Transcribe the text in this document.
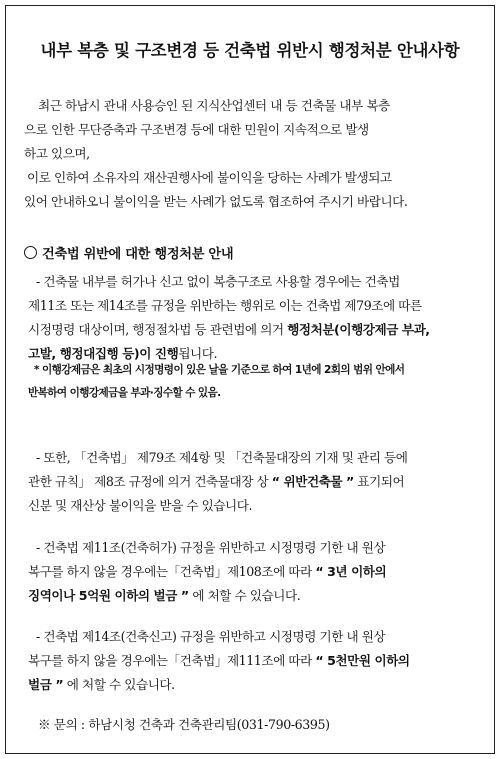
내부 복층 및 구조변경 등 건축법 위반시 행정처분 안내사항
최근 하남시 관내 사용승인 된 지식산업센터 내 등 건축물 내부 복층
으로 인한 무단증축과 구조변경 등에 대한 민원이 지속적으로 발생
하고 있으며,
이로 인하여 소유자의 재산권행사에 불이익을 당하는 사례가 발생되고
있어 안내하오니 불이익을 받는 사례가 없도록 협조하여 주시기 바랍니다.
건축법 위반에 대한 행정처분 안내
- 건축물 내부를 허가나 신고 없이 복층구조로 사용할 경우에는 건축법
제11조 또는 제14조를 규정을 위반하는 행위로 이는 건축법 제79조에 따른
시정명령 대상이며, 행정절차법 등 관련법에 의거 행정처분(이행강제금 부과,
고발, 행정대집행 등)이 진행됩니다.
* 이행강제금은 최초의 시정명령이 있은 날을 기준으로 하여 1년에 2회의 범위 안에서
반복하여 이행강제금을 부과·징수할 수 있음.
- 또한, 「건축법」 제79조 제4항 및 「건축물대장의 기재 및 관리 등에
관한 규칙」 제8조 규정에 의거 건축물대장 상 “ 위반건축물 ” 표기되어
신분 및 재산상 불이익을 받을 수 있습니다.
- 건축법 제11조(건축허가) 규정을 위반하고 시정명령 기한 내 원상
복구를 하지 않을 경우에는「건축법」제108조에 따라 “ 3년 이하의
징역이나 5억원 이하의 벌금 ” 에 처할 수 있습니다.
- 건축법 제14조(건축신고) 규정을 위반하고 시정명령 기한 내 원상
복구를 하지 않을 경우에는「건축법」제111조에 따라 “ 5천만원 이하의
벌금 ” 에 처할 수 있습니다.
※ 문의 : 하남시청 건축과 건축관리팀(031-790-6395)
